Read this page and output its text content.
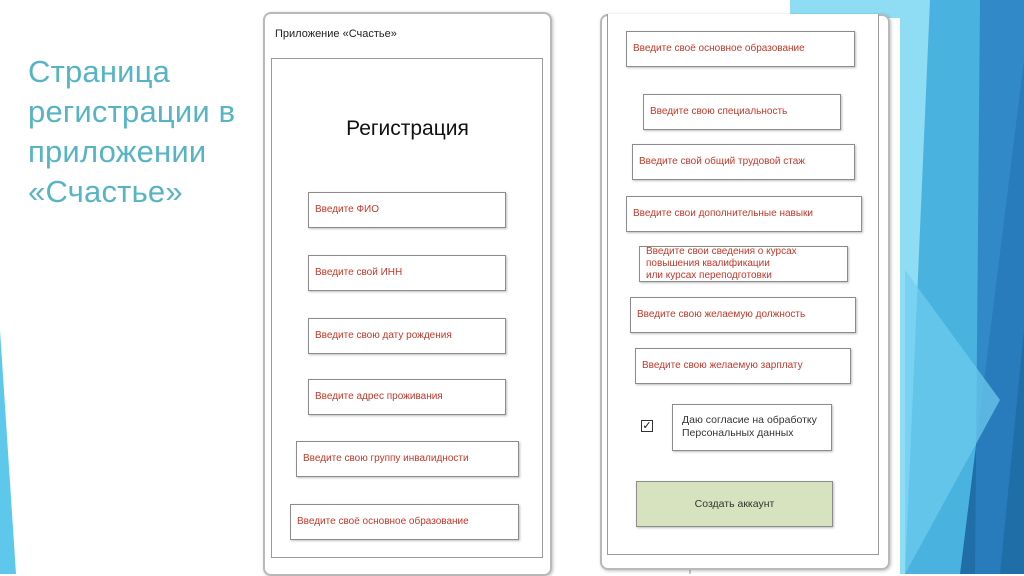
Страница
регистрации в
приложении
«Счастье»
Приложение «Счастье»
Регистрация
Введите ФИО
Введите свой ИНН
Введите свою дату рождения
Введите адрес проживания
Введите свою группу инвалидности
Введите своё основное образование
Введите своё основное образование
Введите свою специальность
Введите свой общий трудовой стаж
Введите свои дополнительные навыки
Введите свои сведения о курсах
повышения квалификации
или курсах переподготовки
Введите свою желаемую должность
Введите свою желаемую зарплату
✓	Даю согласие на обработку
Персональных данных
Создать аккаунт
